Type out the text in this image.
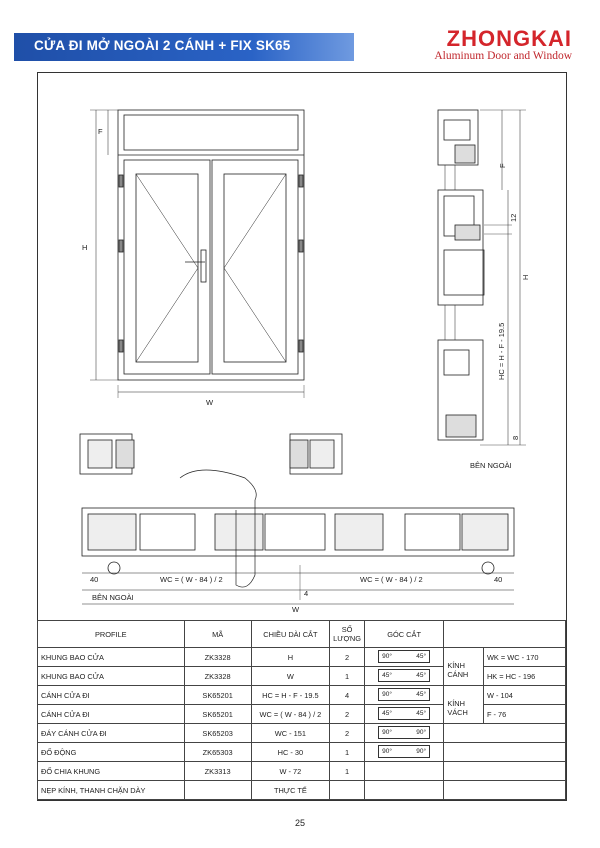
CỬA ĐI MỞ NGOÀI 2 CÁNH + FIX SK65	ZHONGKAI
Aluminum Door and Window
F
H
W
F
12
H
HC = H - F - 19.5
8
BÊN NGOÀI
40	40
WC = ( W - 84 ) / 2	WC = ( W - 84 ) / 2
4
W
BÊN NGOÀI
PROFILE	MÃ	CHIỀU DÀI CẮT	SỐ LƯỢNG	GÓC CẮT		
KHUNG BAO CỬA	ZK3328	H	2	90° 45°	KÍNH CÁNH	WK = WC - 170
KHUNG BAO CỬA	ZK3328	W	1	45° 45°		HK = HC - 196
CÁNH CỬA ĐI	SK65201	HC = H - F - 19.5	4	90° 45°	KÍNH VÁCH	W - 104
CÁNH CỬA ĐI	SK65201	WC = ( W - 84 ) / 2	2	45° 45°		F - 76
ĐÁY CÁNH CỬA ĐI	SK65203	WC - 151	2	90° 90°		

ĐỐ ĐỘNG	ZK65303	HC - 30	1	90° 90°		

ĐỐ CHIA KHUNG	ZK3313	W - 72	1			
NẸP KÍNH, THANH CHẶN DÀY		THỰC TẾ				
25
